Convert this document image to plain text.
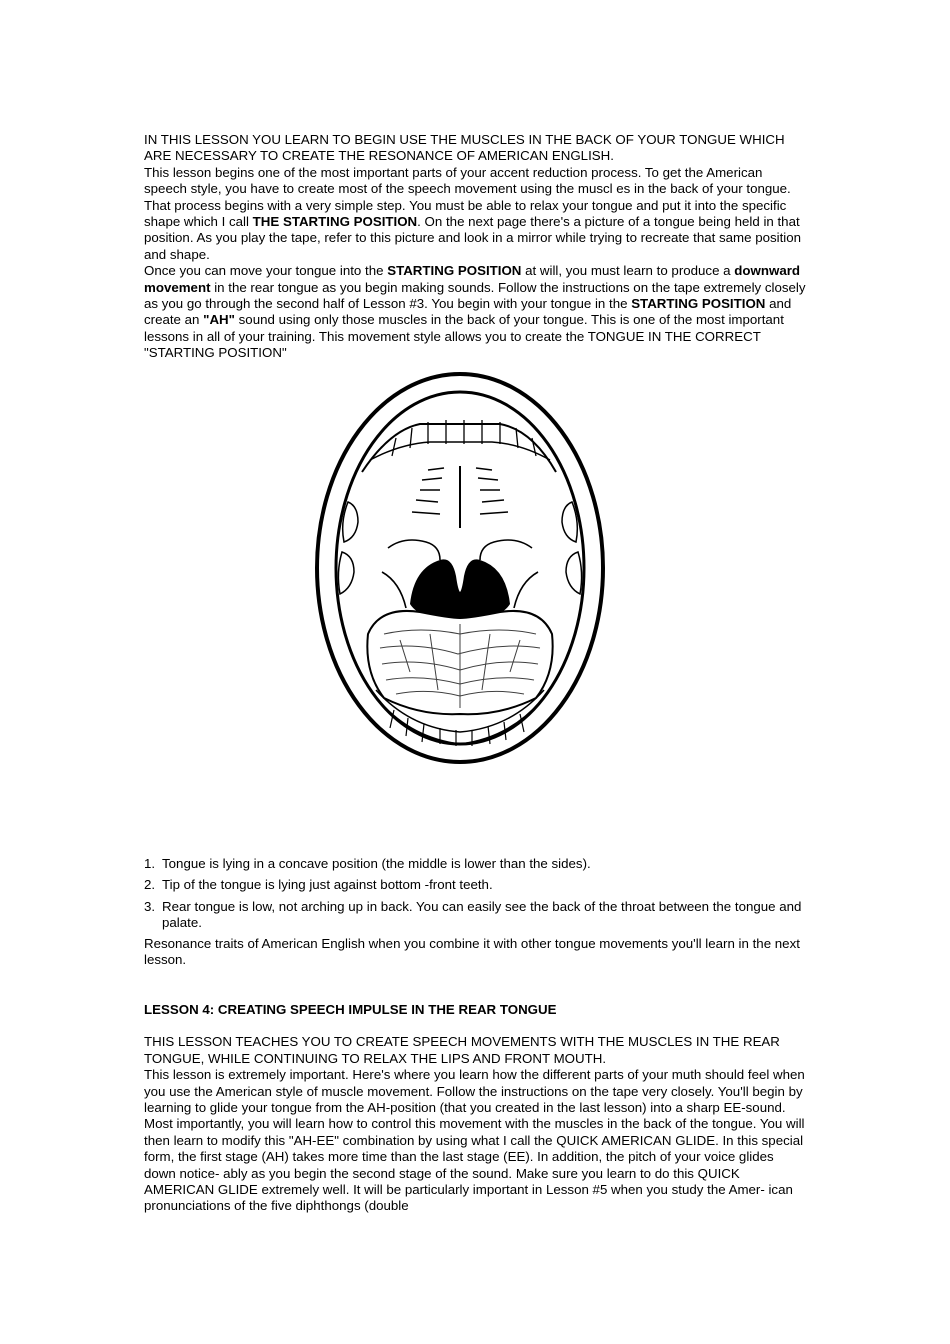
IN THIS LESSON YOU LEARN TO BEGIN USE THE MUSCLES IN THE BACK OF YOUR TONGUE WHICH ARE NECESSARY TO CREATE THE RESONANCE OF AMERICAN ENGLISH.

This lesson begins one of the most important parts of your accent reduction process. To get the American speech style, you have to create most of the speech movement using the muscl es in the back of your tongue. That process begins with a very simple step. You must be able to relax your tongue and put it into the specific shape which I call THE STARTING POSITION. On the next page there's a picture of a tongue being held in that position. As you play the tape, refer to this picture and look in a mirror while trying to recreate that same position and shape.

Once you can move your tongue into the STARTING POSITION at will, you must learn to produce a downward movement in the rear tongue as you begin making sounds. Follow the instructions on the tape extremely closely as you go through the second half of Lesson #3. You begin with your tongue in the STARTING POSITION and create an "AH" sound using only those muscles in the back of your tongue. This is one of the most important lessons in all of your training. This movement style allows you to create the TONGUE IN THE CORRECT "STARTING POSITION"

1. Tongue is lying in a concave position (the middle is lower than the sides).
2. Tip of the tongue is lying just against bottom -front teeth.
3. Rear tongue is low, not arching up in back. You can easily see the back of the throat between the tongue and palate.

Resonance traits of American English when you combine it with other tongue movements you'll learn in the next lesson.

LESSON 4: CREATING SPEECH IMPULSE IN THE REAR TONGUE

THIS LESSON TEACHES YOU TO CREATE SPEECH MOVEMENTS WITH THE MUSCLES IN THE REAR TONGUE, WHILE CONTINUING TO RELAX THE LIPS AND FRONT MOUTH.

This lesson is extremely important. Here's where you learn how the different parts of your muth should feel when you use the American style of muscle movement. Follow the instructions on the tape very closely. You'll begin by learning to glide your tongue from the AH-position (that you created in the last lesson) into a sharp EE-sound. Most importantly, you will learn how to control this movement with the muscles in the back of the tongue. You will then learn to modify this "AH-EE" combination by using what I call the QUICK AMERICAN GLIDE. In this special form, the first stage (AH) takes more time than the last stage (EE). In addition, the pitch of your voice glides down notice- ably as you begin the second stage of the sound. Make sure you learn to do this QUICK AMERICAN GLIDE extremely well. It will be particularly important in Lesson #5 when you study the Amer- ican pronunciations of the five diphthongs (double
